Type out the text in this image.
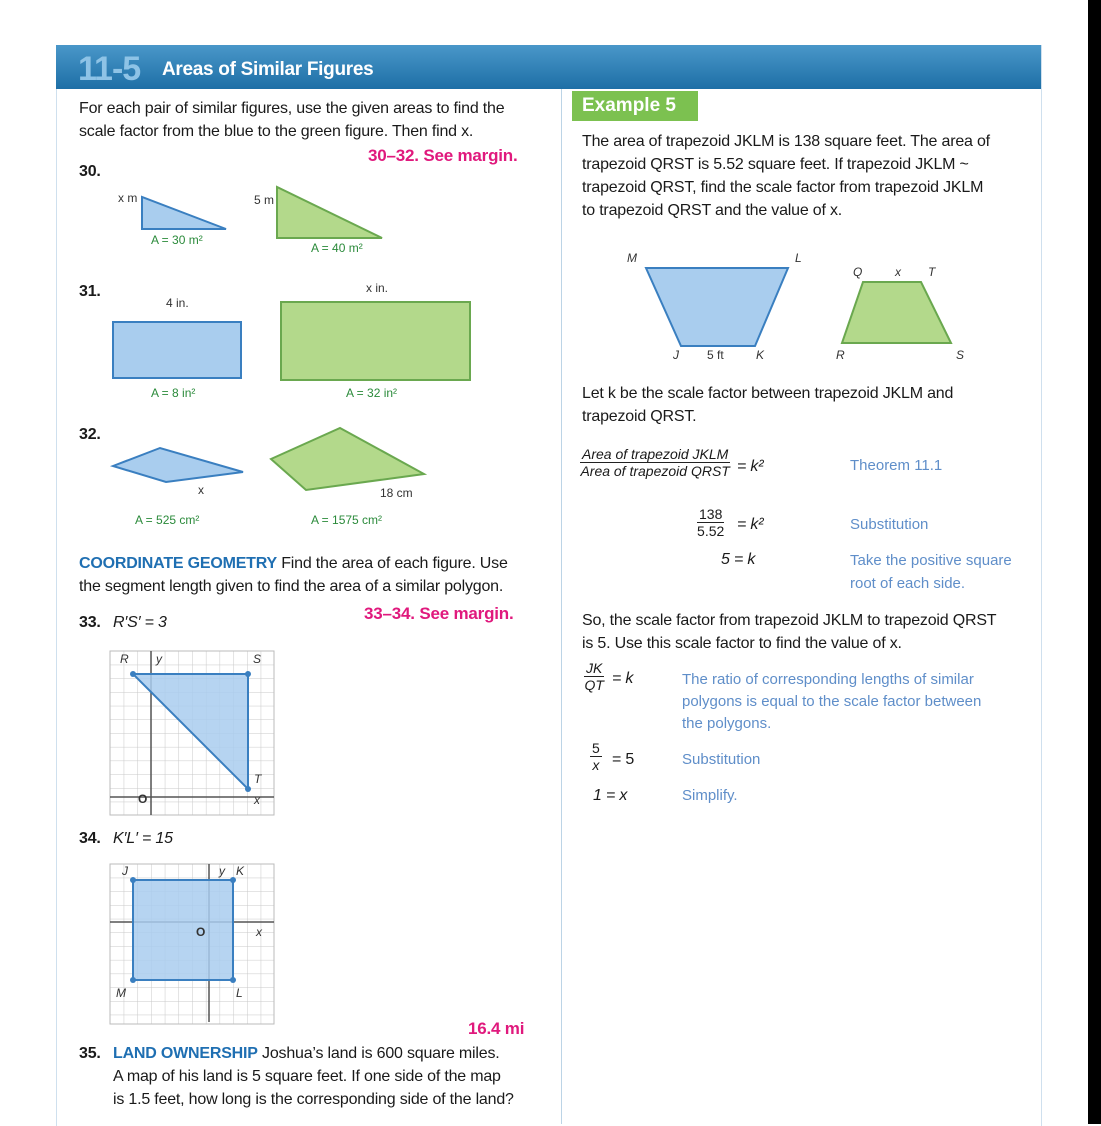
11-5 Areas of Similar Figures
For each pair of similar figures, use the given areas to find the
scale factor from the blue to the green figure. Then find x.
30–32. See margin.
30.
x m	5 m
A = 30 m²
A = 40 m²
31.
4 in.
x in.
A = 8 in²	A = 32 in²
32.
x	18 cm
A = 525 cm²	A = 1575 cm²
COORDINATE GEOMETRY Find the area of each figure. Use
the segment length given to find the area of a similar polygon.
33–34. See margin.
33. R′S′ = 3
R y	S
T
O	x
34. K′L′ = 15
J	y K
O	x
M	L
16.4 mi
35. LAND OWNERSHIP Joshua’s land is 600 square miles.
A map of his land is 5 square feet. If one side of the map
is 1.5 feet, how long is the corresponding side of the land?
Example 5
The area of trapezoid JKLM is 138 square feet. The area of
trapezoid QRST is 5.52 square feet. If trapezoid JKLM ~
trapezoid QRST, find the scale factor from trapezoid JKLM
to trapezoid QRST and the value of x.
M	L
J 5 ft	K
Q	x T
R	S
Let k be the scale factor between trapezoid JKLM and
trapezoid QRST.
Area of trapezoid JKLM
Area of trapezoid QRST = k²	Theorem 11.1
$\frac{138}{5.52} = k^2$	Substitution
5 = k	Take the positive square
root of each side.
So, the scale factor from trapezoid JKLM to trapezoid QRST
is 5. Use this scale factor to find the value of x.
$\frac{JK}{QT} = k$	The ratio of corresponding lengths of similar
polygons is equal to the scale factor between
the polygons.
$\frac{5}{x} = 5$	Substitution
1 = x	Simplify.
